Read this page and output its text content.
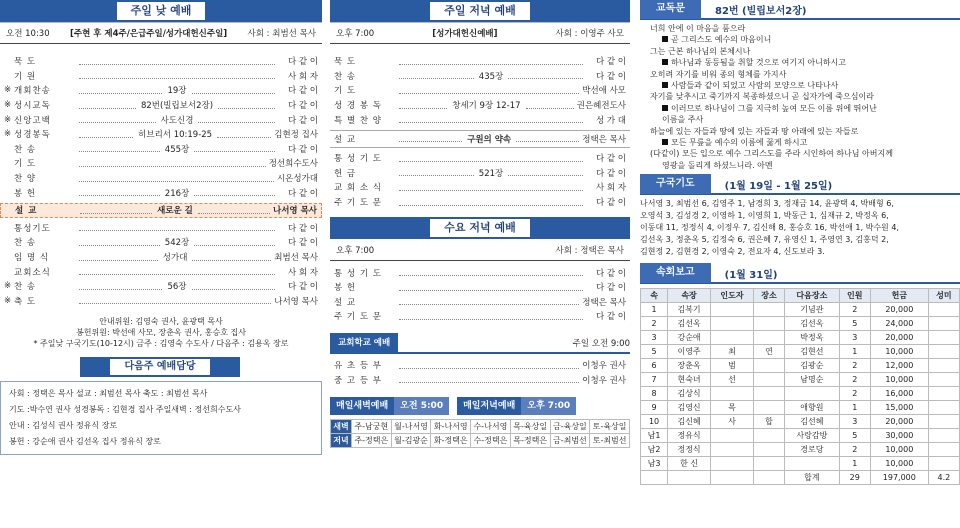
주일 낮 예배
오전 10:30 [주현 후 제4주/은급주일/성가대헌신주일] 사회 : 최범선 목사
묵 도	다 같 이
기 원	사 회 자
※ 개회찬송	19장	다 같 이
※ 성시교독	82번(빌립보서2장)	다 같 이
※ 신앙고백	사도신경	다 같 이
※ 성경봉독	히브리서 10:19-25	김현정 집사
찬 송	455장	다 같 이
기 도	정선희수도사
찬 양	시온성가대
봉 헌	216장	다 같 이
설 교	새로운 길	나서영 목사
통성기도	다 같 이
찬 송	542장	다 같 이
임 명 식	성가대	최범선 목사
교회소식	사 회 자
※ 찬 송	56장	다 같 이
※ 축 도	나서영 목사
안내위원: 김영숙 권사, 윤광택 목사
봉헌위원: 박선애 사모, 장춘옥 권사, 홍승호 집사
* 주일낮 구국기도(10-12시) 금주 : 김영숙 수도사 / 다음주 : 김용옥 장로
다음주 예배담당
사회 : 정택은 목사 설교 : 최범선 목사 축도 : 최범선 목사
기도 :박수연 권사 성경봉독 : 김현경 집사 주일새벽 : 정선희수도사
안내 : 김성식 권사 정유식 장로
봉헌 : 강순애 권사 김선옥 집사 정유식 장로
주일 저녁 예배
오후 7:00	[성가대헌신예배]	사회 : 이영주 사모
묵 도	다 같 이
찬 송	435장	다 같 이
기 도	박선애 사모
성 경 봉 독	창세기 9장 12-17	권은혜전도사
특 별 찬 양	성 가 대
설 교	구원의 약속	정택은 목사
통 성 기 도	다 같 이
헌 금	521장	다 같 이
교 회 소 식	사 회 자
주 기 도 문	다 같 이
수요 저녁 예배
오후 7:00	사회 : 정택은 목사
통 성 기 도	다 같 이
봉 헌	다 같 이
설 교	정택은 목사
주 기 도 문	다 같 이
교회학교 예배	주일 오전 9:00
유 초 등 부	이청우 권사
중 고 등 부	이청우 권사
매일새벽예배	오전 5:00	매일저녁예배	오후 7:00
새벽	주-남궁현	월-나서영	화-나서영	수-나서영	목-육상일	금-육상일	토-육상일
저녁	주-정택은	월-김광순	화-정택은	수-정택은	목-정택은	금-최범선	토-최범선
교독문	82번 (빌립보서2장)
너희 안에 이 마음을 품으라
곧 그리스도 예수의 마음이니
그는 근본 하나님의 본체시나
하나님과 동등됨을 취할 것으로 여기지 아니하시고
오히려 자기를 비워 종의 형체를 가지사
사람들과 같이 되었고 사람의 모양으로 나타나사
자기를 낮추시고 죽기까지 복종하셨으니 곧 십자가에 죽으심이라
이러므로 하나님이 그를 지극히 높여 모든 이름 위에 뛰어난
이름을 주사
하늘에 있는 자들과 땅에 있는 자들과 땅 아래에 있는 자들로
모든 무릎을 예수의 이름에 꿇게 하시고
(다같이) 모든 입으로 예수 그리스도를 주라 시인하여 하나님 아버지께
영광을 돌리게 하셨느니라. 아멘
구국기도	(1월 19일 - 1월 25일)
나서영 3, 최범선 6, 김영주 1, 남경희 3, 정재금 14, 윤광택 4, 박배형 6,
오영석 3, 김성경 2, 이영하 1, 이영희 1, 박동근 1, 심재규 2, 박정옥 6,
이동대 11, 정정식 4, 이정우 7, 김신해 8, 홍승호 16, 박선애 1, 박수원 4,
김선옥 3, 정춘옥 5, 김정숙 6, 권은혜 7, 유영신 1, 주영연 3, 김홍덕 2,
김현정 2, 김현경 2, 이영숙 2, 전요자 4, 신도보라 3.
속회보고	(1월 31일)
속	속장	인도자	장소	다음장소	인원	헌금	성미
1	김복기			기념관	2	20,000	
2	김선옥			김선옥	5	24,000	
3	강순애			박정옥	3	20,000	
5	이영주	최	연	김현선	1	10,000	
6	장춘옥	범		김광순	2	12,000	
7	현숙녀	선		남명순	2	10,000	
8	김상식				2	16,000	
9	김영신	목		애향원	1	15,000	
10	김신혜	사	합	김선혜	3	20,000	
남1	정유식			사랑감방	5	30,000	
남2	정정식			경로당	2	10,000	
남3	한 신				1	10,000	
				합계	29	197,000	4.2
